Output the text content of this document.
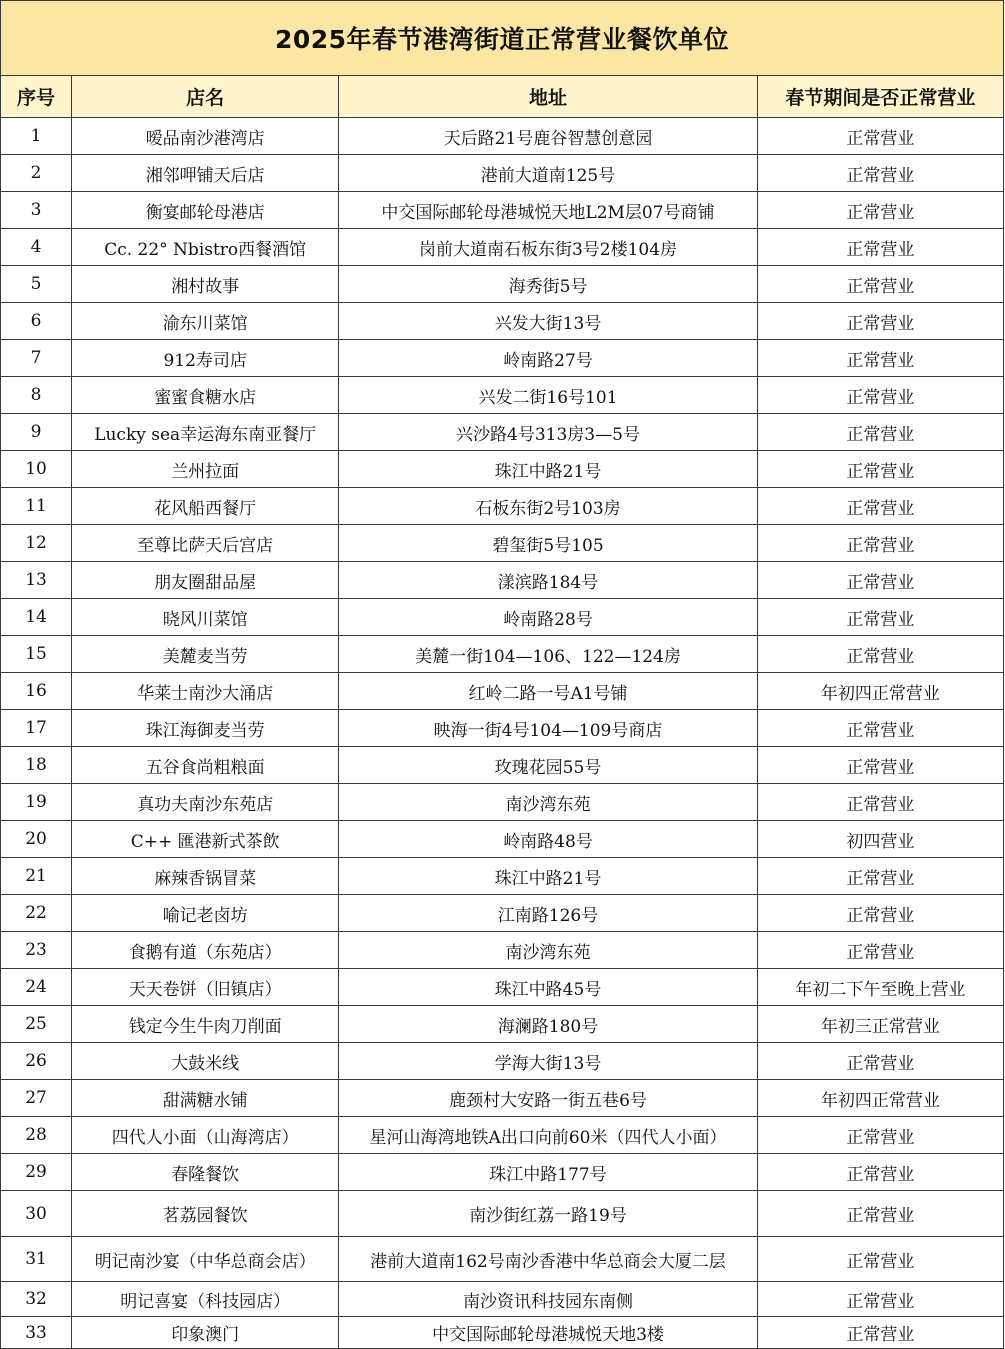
2025年春节港湾街道正常营业餐饮单位			
序号	店名	地址	春节期间是否正常营业
1	嗳品南沙港湾店	天后路21号鹿谷智慧创意园	正常营业
2	湘邻呷铺天后店	港前大道南125号	正常营业
3	衡宴邮轮母港店	中交国际邮轮母港城悦天地L2M层07号商铺	正常营业
4	Cc. 22° Nbistro西餐酒馆	岗前大道南石板东街3号2楼104房	正常营业
5	湘村故事	海秀街5号	正常营业
6	渝东川菜馆	兴发大街13号	正常营业
7	912寿司店	岭南路27号	正常营业
8	蜜蜜食糖水店	兴发二街16号101	正常营业
9	Lucky sea幸运海东南亚餐厅	兴沙路4号313房3—5号	正常营业
10	兰州拉面	珠江中路21号	正常营业
11	花风船西餐厅	石板东街2号103房	正常营业
12	至尊比萨天后宫店	碧玺街5号105	正常营业
13	朋友圈甜品屋	漾滨路184号	正常营业
14	晓风川菜馆	岭南路28号	正常营业
15	美麓麦当劳	美麓一街104—106、122—124房	正常营业
16	华莱士南沙大涌店	红岭二路一号A1号铺	年初四正常营业
17	珠江海御麦当劳	映海一街4号104—109号商店	正常营业
18	五谷食尚粗粮面	玫瑰花园55号	正常营业
19	真功夫南沙东苑店	南沙湾东苑	正常营业
20	C++ 匯港新式茶飲	岭南路48号	初四营业
21	麻辣香锅冒菜	珠江中路21号	正常营业
22	喻记老卤坊	江南路126号	正常营业
23	食鹅有道（东苑店）	南沙湾东苑	正常营业
24	天天卷饼（旧镇店）	珠江中路45号	年初二下午至晚上营业
25	钱定今生牛肉刀削面	海澜路180号	年初三正常营业
26	大鼓米线	学海大街13号	正常营业
27	甜满糖水铺	鹿颈村大安路一街五巷6号	年初四正常营业
28	四代人小面（山海湾店）	星河山海湾地铁A出口向前60米（四代人小面）	正常营业
29	春隆餐饮	珠江中路177号	正常营业
30	茗荔园餐饮	南沙街红荔一路19号	正常营业
31	明记南沙宴（中华总商会店）	港前大道南162号南沙香港中华总商会大厦二层	正常营业
32	明记喜宴（科技园店）	南沙资讯科技园东南侧	正常营业
33	印象澳门	中交国际邮轮母港城悦天地3楼	正常营业
